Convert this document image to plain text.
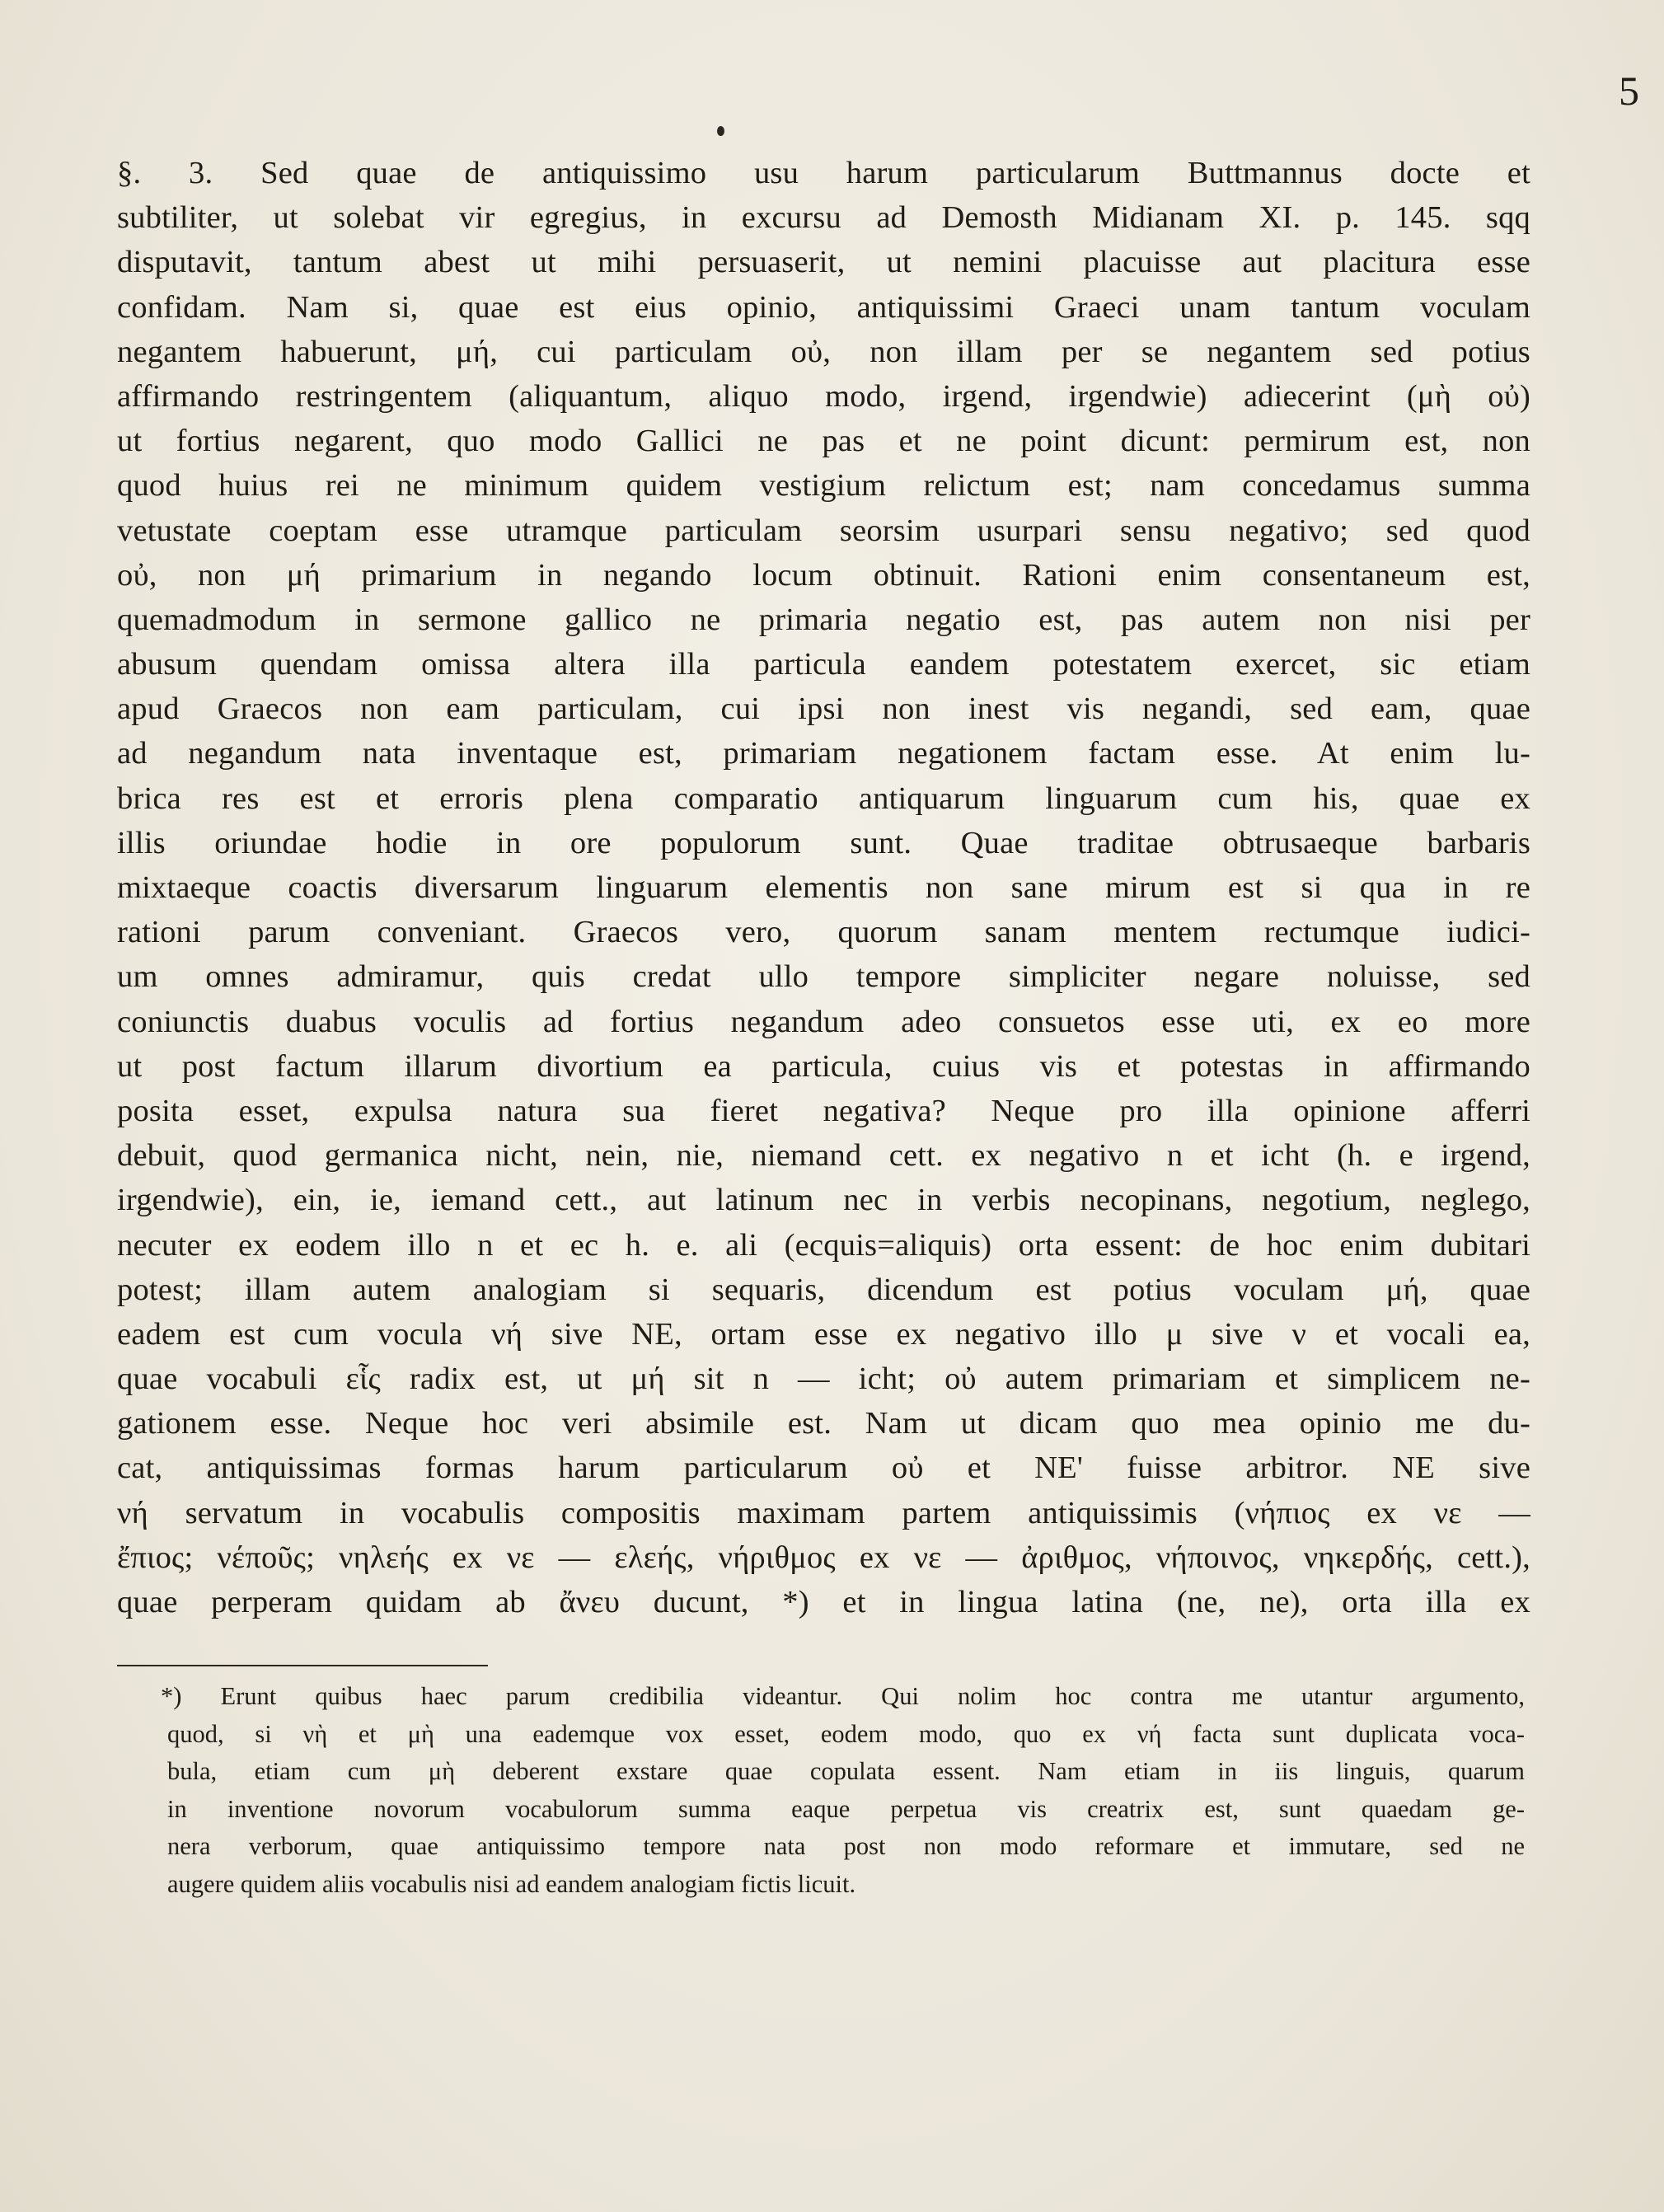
5
§. 3. Sed quae de antiquissimo usu harum particularum Buttmannus docte et
subtiliter, ut solebat vir egregius, in excursu ad Demosth Midianam XI. p. 145. sqq
disputavit, tantum abest ut mihi persuaserit, ut nemini placuisse aut placitura esse
confidam. Nam si, quae est eius opinio, antiquissimi Graeci unam tantum voculam
negantem habuerunt, μή, cui particulam οὐ, non illam per se negantem sed potius
affirmando restringentem (aliquantum, aliquo modo, irgend, irgendwie) adiecerint (μὴ οὐ)
ut fortius negarent, quo modo Gallici ne pas et ne point dicunt: permirum est, non
quod huius rei ne minimum quidem vestigium relictum est; nam concedamus summa
vetustate coeptam esse utramque particulam seorsim usurpari sensu negativo; sed quod
οὐ, non μή primarium in negando locum obtinuit. Rationi enim consentaneum est,
quemadmodum in sermone gallico ne primaria negatio est, pas autem non nisi per
abusum quendam omissa altera illa particula eandem potestatem exercet, sic etiam
apud Graecos non eam particulam, cui ipsi non inest vis negandi, sed eam, quae
ad negandum nata inventaque est, primariam negationem factam esse. At enim lu-
brica res est et erroris plena comparatio antiquarum linguarum cum his, quae ex
illis oriundae hodie in ore populorum sunt. Quae traditae obtrusaeque barbaris
mixtaeque coactis diversarum linguarum elementis non sane mirum est si qua in re
rationi parum conveniant. Graecos vero, quorum sanam mentem rectumque iudici-
um omnes admiramur, quis credat ullo tempore simpliciter negare noluisse, sed
coniunctis duabus voculis ad fortius negandum adeo consuetos esse uti, ex eo more
ut post factum illarum divortium ea particula, cuius vis et potestas in affirmando
posita esset, expulsa natura sua fieret negativa? Neque pro illa opinione afferri
debuit, quod germanica nicht, nein, nie, niemand cett. ex negativo n et icht (h. e irgend,
irgendwie), ein, ie, iemand cett., aut latinum nec in verbis necopinans, negotium, neglego,
necuter ex eodem illo n et ec h. e. ali (ecquis=aliquis) orta essent: de hoc enim dubitari
potest; illam autem analogiam si sequaris, dicendum est potius voculam μή, quae
eadem est cum vocula νή sive NE, ortam esse ex negativo illo μ sive ν et vocali ea,
quae vocabuli εἷς radix est, ut μή sit n — icht; οὐ autem primariam et simplicem ne-
gationem esse. Neque hoc veri absimile est. Nam ut dicam quo mea opinio me du-
cat, antiquissimas formas harum particularum οὐ et NE' fuisse arbitror. NE sive
νή servatum in vocabulis compositis maximam partem antiquissimis (νήπιος ex νε —
ἔπιος; νέποῦς; νηλεής ex νε — ελεής, νήριθμος ex νε — ἀριθμος, νήποινος, νηκερδής, cett.),
quae perperam quidam ab ἄνευ ducunt, *) et in lingua latina (ne, ne), orta illa ex
*) Erunt quibus haec parum credibilia videantur. Qui nolim hoc contra me utantur argumento,
quod, si νὴ et μὴ una eademque vox esset, eodem modo, quo ex νή facta sunt duplicata voca-
bula, etiam cum μὴ deberent exstare quae copulata essent. Nam etiam in iis linguis, quarum
in inventione novorum vocabulorum summa eaque perpetua vis creatrix est, sunt quaedam ge-
nera verborum, quae antiquissimo tempore nata post non modo reformare et immutare, sed ne
augere quidem aliis vocabulis nisi ad eandem analogiam fictis licuit.
